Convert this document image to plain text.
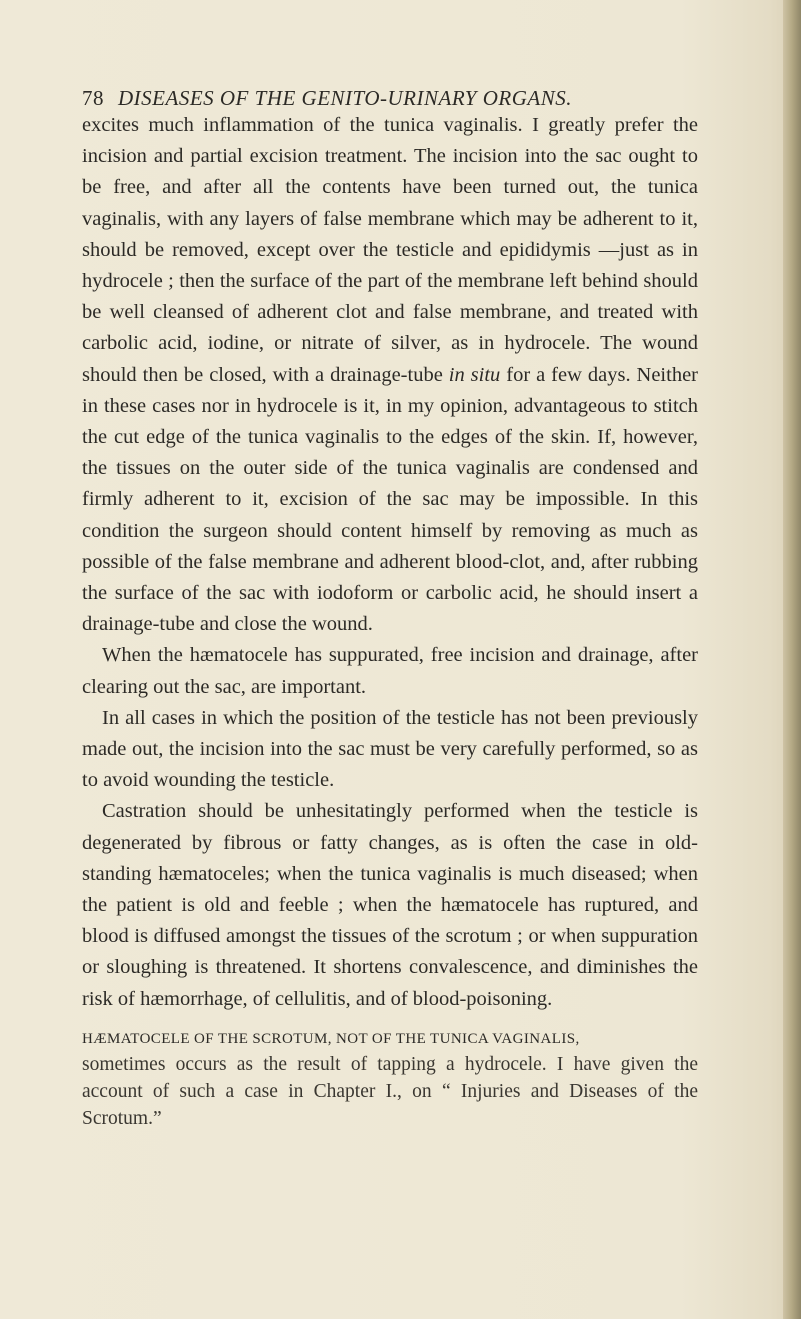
78 DISEASES OF THE GENITO-URINARY ORGANS.

excites much inflammation of the tunica vaginalis. I greatly prefer the incision and partial excision treatment. The incision into the sac ought to be free, and after all the contents have been turned out, the tunica vaginalis, with any layers of false membrane which may be adherent to it, should be removed, except over the testicle and epididymis —just as in hydrocele ; then the surface of the part of the membrane left behind should be well cleansed of adherent clot and false membrane, and treated with carbolic acid, iodine, or nitrate of silver, as in hydrocele. The wound should then be closed, with a drainage-tube in situ for a few days. Neither in these cases nor in hydrocele is it, in my opinion, advantageous to stitch the cut edge of the tunica vaginalis to the edges of the skin. If, however, the tissues on the outer side of the tunica vaginalis are condensed and firmly adherent to it, excision of the sac may be impossible. In this condition the surgeon should content himself by removing as much as possible of the false membrane and adherent blood-clot, and, after rubbing the surface of the sac with iodoform or carbolic acid, he should insert a drainage-tube and close the wound.

When the hæmatocele has suppurated, free incision and drainage, after clearing out the sac, are important.

In all cases in which the position of the testicle has not been previously made out, the incision into the sac must be very carefully performed, so as to avoid wounding the testicle.

Castration should be unhesitatingly performed when the testicle is degenerated by fibrous or fatty changes, as is often the case in old-standing hæmatoceles; when the tunica vaginalis is much diseased; when the patient is old and feeble ; when the hæmatocele has ruptured, and blood is diffused amongst the tissues of the scrotum ; or when suppuration or sloughing is threatened. It shortens convalescence, and diminishes the risk of hæmorrhage, of cellulitis, and of blood-poisoning.

HÆMATOCELE OF THE SCROTUM, NOT OF THE TUNICA VAGINALIS,

sometimes occurs as the result of tapping a hydrocele. I have given the account of such a case in Chapter I., on “ Injuries and Diseases of the Scrotum.”
